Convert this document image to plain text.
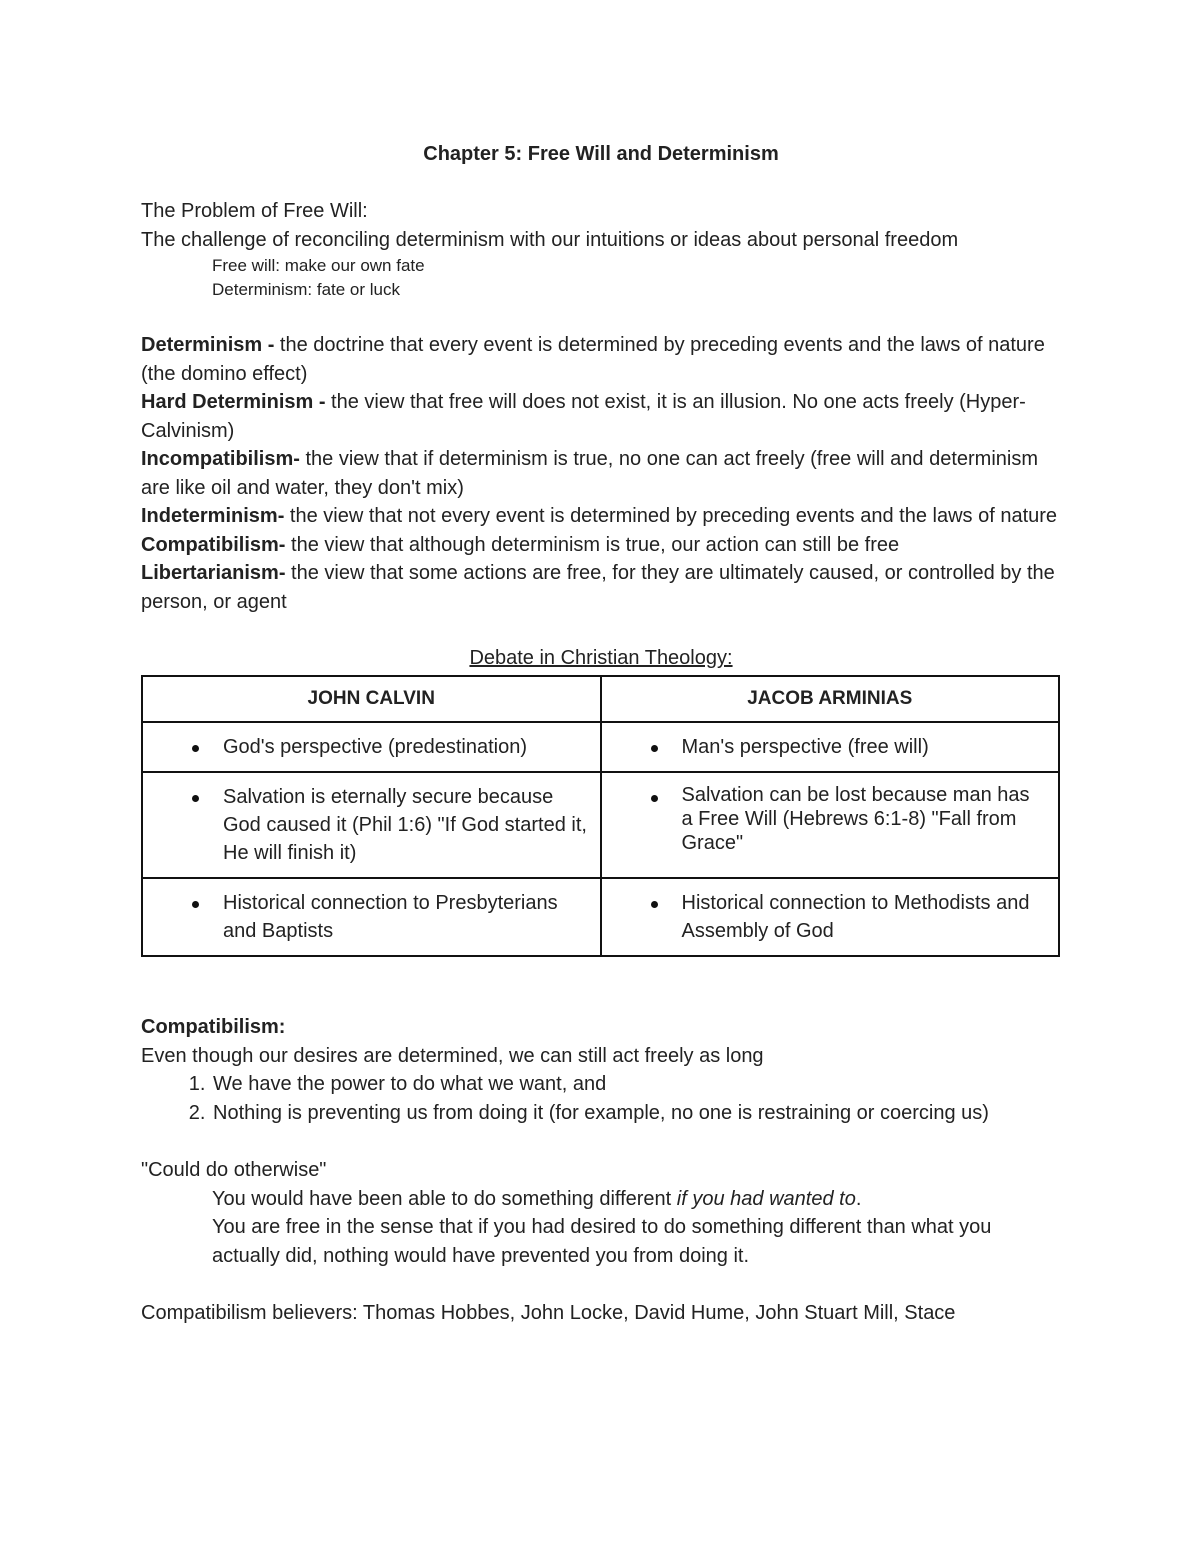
Chapter 5: Free Will and Determinism

The Problem of Free Will:

The challenge of reconciling determinism with our intuitions or ideas about personal freedom

Free will: make our own fate

Determinism: fate or luck

Determinism - the doctrine that every event is determined by preceding events and the laws of nature (the domino effect)

Hard Determinism - the view that free will does not exist, it is an illusion. No one acts freely (Hyper-Calvinism)

Incompatibilism- the view that if determinism is true, no one can act freely (free will and determinism are like oil and water, they don't mix)

Indeterminism- the view that not every event is determined by preceding events and the laws of nature

Compatibilism- the view that although determinism is true, our action can still be free

Libertarianism- the view that some actions are free, for they are ultimately caused, or controlled by the person, or agent

Debate in Christian Theology:
JOHN CALVIN	JACOB ARMINIAS

God's perspective (predestination)	Man's perspective (free will)

Salvation is eternally secure because God caused it (Phil 1:6) "If God started it, He will finish it)	Salvation can be lost because man has a Free Will (Hebrews 6:1-8) "Fall from Grace"

Historical connection to Presbyterians and Baptists	Historical connection to Methodists and Assembly of God

Compatibilism:

Even though our desires are determined, we can still act freely as long

1. We have the power to do what we want, and
2. Nothing is preventing us from doing it (for example, no one is restraining or coercing us)

"Could do otherwise"

You would have been able to do something different if you had wanted to.

You are free in the sense that if you had desired to do something different than what you actually did, nothing would have prevented you from doing it.

Compatibilism believers: Thomas Hobbes, John Locke, David Hume, John Stuart Mill, Stace
